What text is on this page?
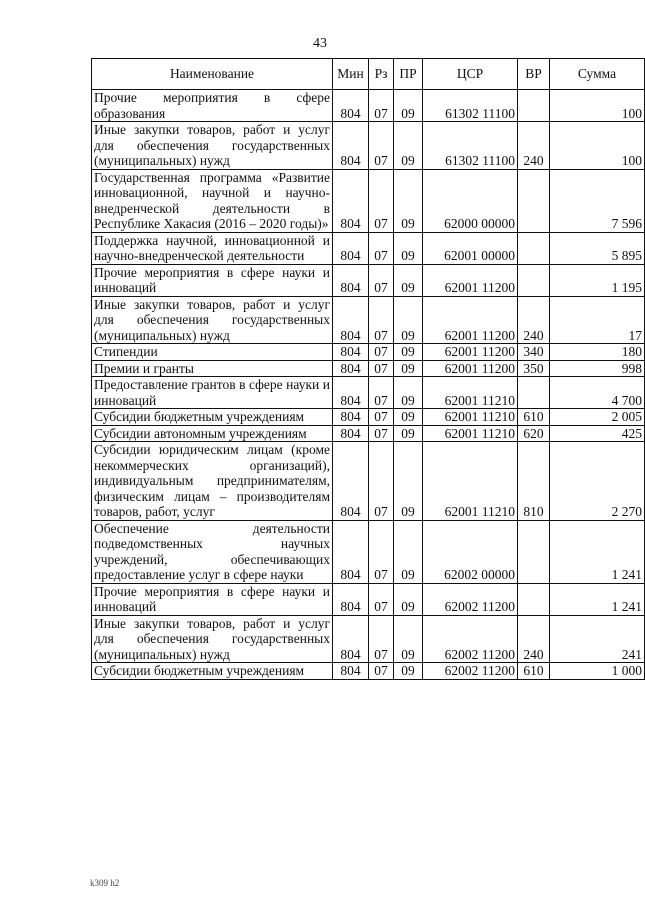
43
Наименование	Мин	Рз	ПР	ЦСР	ВР	Сумма
Прочие мероприятия в сфере образования	804	07	09	61302 11100		100
Иные закупки товаров, работ и услуг для обеспечения государственных (муниципальных) нужд	804	07	09	61302 11100	240	100
Государственная программа «Развитие инновационной, научной и научно-внедренческой деятельности в Республике Хакасия (2016 – 2020 годы)»	804	07	09	62000 00000		7 596
Поддержка научной, инновационной и научно-внедренческой деятельности	804	07	09	62001 00000		5 895
Прочие мероприятия в сфере науки и инноваций	804	07	09	62001 11200		1 195
Иные закупки товаров, работ и услуг для обеспечения государственных (муниципальных) нужд	804	07	09	62001 11200	240	17
Стипендии	804	07	09	62001 11200	340	180
Премии и гранты	804	07	09	62001 11200	350	998
Предоставление грантов в сфере науки и инноваций	804	07	09	62001 11210		4 700
Субсидии бюджетным учреждениям	804	07	09	62001 11210	610	2 005
Субсидии автономным учреждениям	804	07	09	62001 11210	620	425
Субсидии юридическим лицам (кроме некоммерческих организаций), индивидуальным предпринимателям, физическим лицам – производителям товаров, работ, услуг	804	07	09	62001 11210	810	2 270
Обеспечение деятельности подведомственных научных учреждений, обеспечивающих предоставление услуг в сфере науки	804	07	09	62002 00000		1 241
Прочие мероприятия в сфере науки и инноваций	804	07	09	62002 11200		1 241
Иные закупки товаров, работ и услуг для обеспечения государственных (муниципальных) нужд	804	07	09	62002 11200	240	241
Субсидии бюджетным учреждениям	804	07	09	62002 11200	610	1 000
k309 h2
